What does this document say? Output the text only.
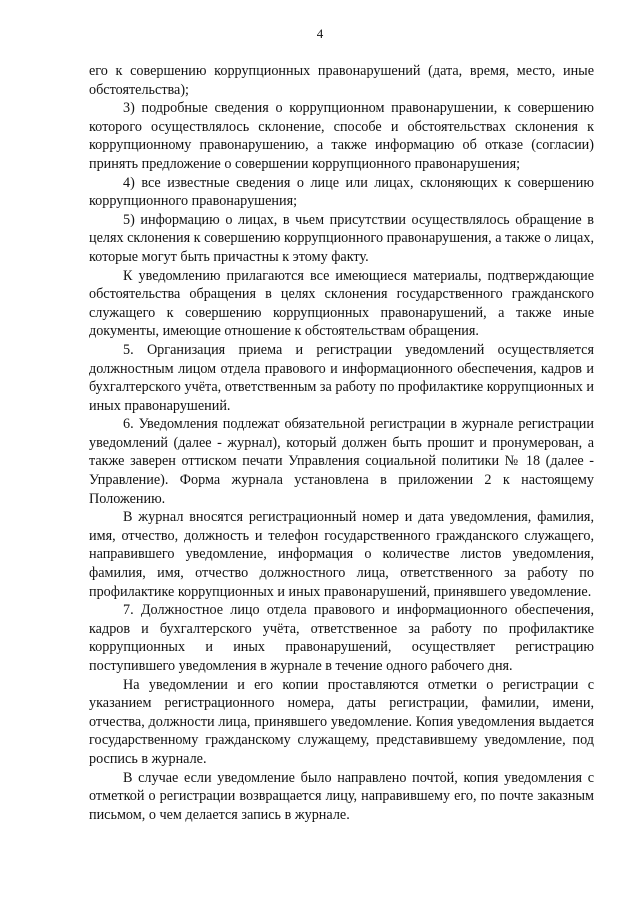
4

его к совершению коррупционных правонарушений (дата, время, место, иные обстоятельства);

3) подробные сведения о коррупционном правонарушении, к совершению которого осуществлялось склонение, способе и обстоятельствах склонения к коррупционному правонарушению, а также информацию об отказе (согласии) принять предложение о совершении коррупционного правонарушения;

4) все известные сведения о лице или лицах, склоняющих к совершению коррупционного правонарушения;

5) информацию о лицах, в чьем присутствии осуществлялось обращение в целях склонения к совершению коррупционного правонарушения, а также о лицах, которые могут быть причастны к этому факту.

К уведомлению прилагаются все имеющиеся материалы, подтверждающие обстоятельства обращения в целях склонения государственного гражданского служащего к совершению коррупционных правонарушений, а также иные документы, имеющие отношение к обстоятельствам обращения.

5. Организация приема и регистрации уведомлений осуществляется должностным лицом отдела правового и информационного обеспечения, кадров и бухгалтерского учёта, ответственным за работу по профилактике коррупционных и иных правонарушений.

6. Уведомления подлежат обязательной регистрации в журнале регистрации уведомлений (далее - журнал), который должен быть прошит и пронумерован, а также заверен оттиском печати Управления социальной политики № 18 (далее - Управление). Форма журнала установлена в приложении 2 к настоящему Положению.

В журнал вносятся регистрационный номер и дата уведомления, фамилия, имя, отчество, должность и телефон государственного гражданского служащего, направившего уведомление, информация о количестве листов уведомления, фамилия, имя, отчество должностного лица, ответственного за работу по профилактике коррупционных и иных правонарушений, принявшего уведомление.

7. Должностное лицо отдела правового и информационного обеспечения, кадров и бухгалтерского учёта, ответственное за работу по профилактике коррупционных и иных правонарушений, осуществляет регистрацию поступившего уведомления в журнале в течение одного рабочего дня.

На уведомлении и его копии проставляются отметки о регистрации с указанием регистрационного номера, даты регистрации, фамилии, имени, отчества, должности лица, принявшего уведомление. Копия уведомления выдается государственному гражданскому служащему, представившему уведомление, под роспись в журнале.

В случае если уведомление было направлено почтой, копия уведомления с отметкой о регистрации возвращается лицу, направившему его, по почте заказным письмом, о чем делается запись в журнале.
